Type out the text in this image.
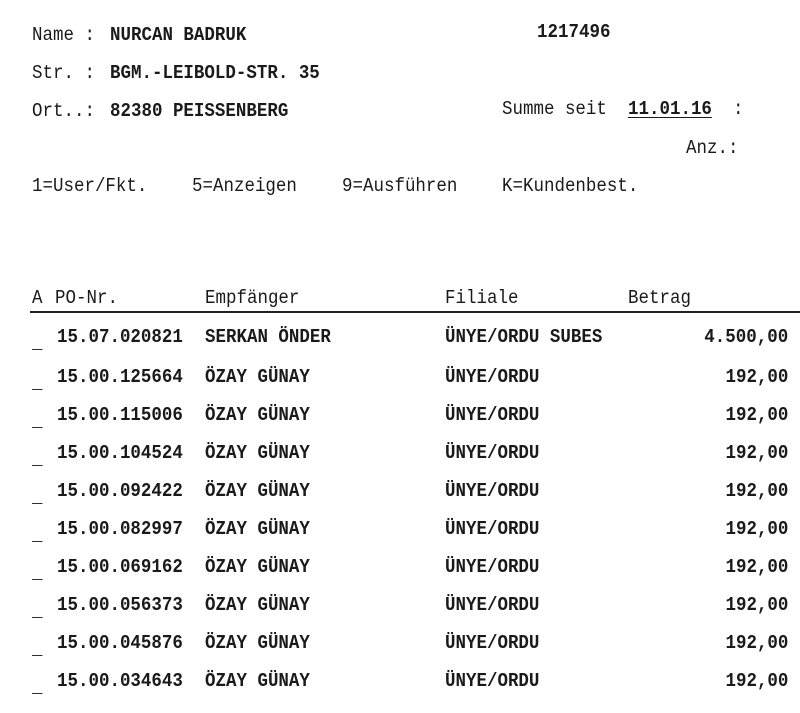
Name : NURCAN BADRUK	1217496
Str. : BGM.-LEIBOLD-STR. 35
Ort..: 82380 PEISSENBERG	Summe seit 11.01.16 :
Anz.:
1=User/Fkt. 5=Anzeigen 9=Ausführen K=Kundenbest.
A PO-Nr.	Empfänger	Filiale	Betrag
_ 15.07.020821 SERKAN ÖNDER	ÜNYE/ORDU SUBES	4.500,00
_ 15.00.125664 ÖZAY GÜNAY	ÜNYE/ORDU	192,00
_ 15.00.115006 ÖZAY GÜNAY	ÜNYE/ORDU	192,00
_ 15.00.104524 ÖZAY GÜNAY	ÜNYE/ORDU	192,00
_ 15.00.092422 ÖZAY GÜNAY	ÜNYE/ORDU	192,00
_ 15.00.082997 ÖZAY GÜNAY	ÜNYE/ORDU	192,00
_ 15.00.069162 ÖZAY GÜNAY	ÜNYE/ORDU	192,00
_ 15.00.056373 ÖZAY GÜNAY	ÜNYE/ORDU	192,00
_ 15.00.045876 ÖZAY GÜNAY	ÜNYE/ORDU	192,00
_ 15.00.034643 ÖZAY GÜNAY	ÜNYE/ORDU	192,00
